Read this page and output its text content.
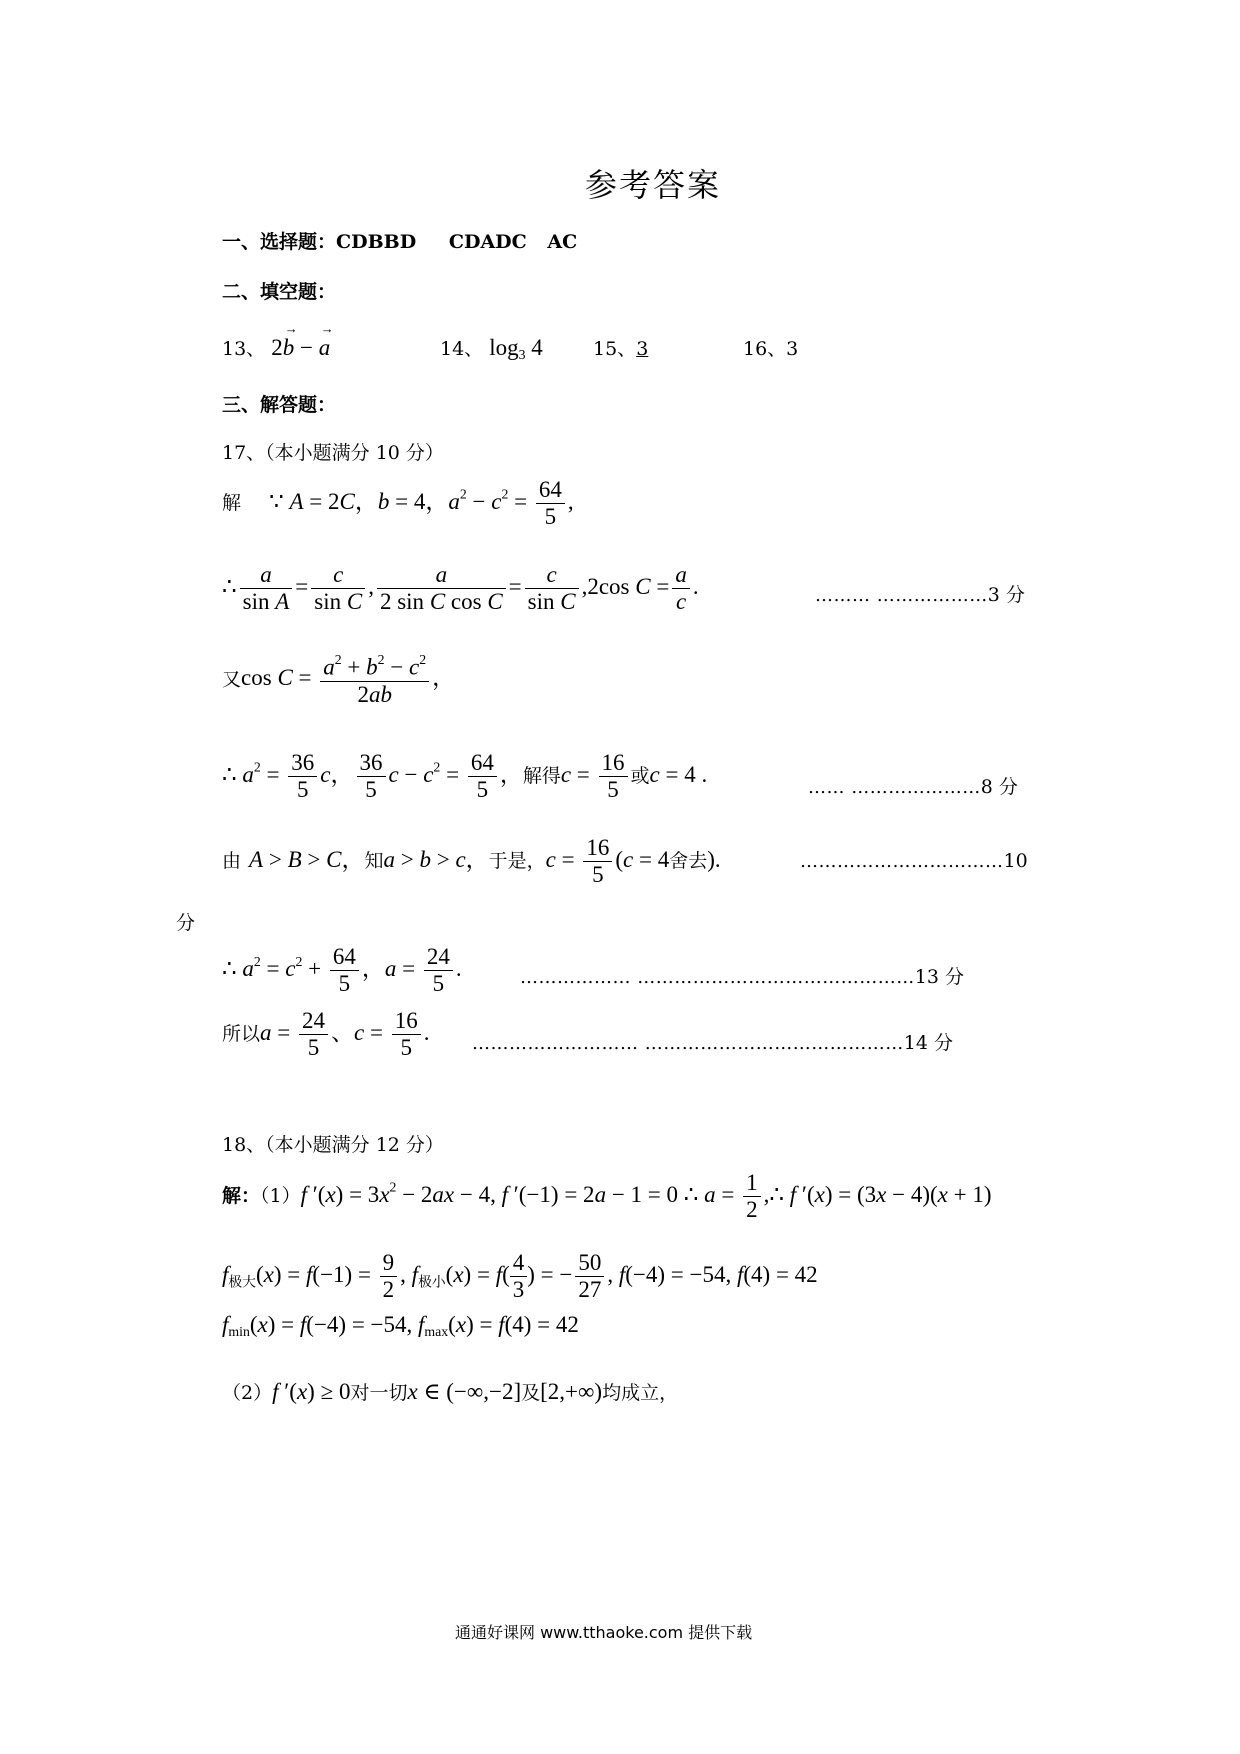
参考答案
一、选择题：CDBBD CDADC AC
二、填空题：
13、 2→ b − → a	14、 $\log_3 4$	15、3	16、3
三、解答题：
17、（本小题满分 10 分）
解 ∵ A = 2C，b = 4，$a^2 - c^2 = \frac{64}{5}$ ,
∴ $\frac{a}{\text{sin A}} = \frac{c}{\text{sin C}}$ , $\frac{a}{\text{2 sin C cos C}} = \frac{c}{\text{sin C}} ,2\cos$ $C = \frac{a}{c}$ .	……… ………………3 分
又$\cos C = \frac{a^2 + b^2 - c^2}{2ab}$ ，
∴ $a^2 = \frac{36}{5}$ c， $\frac{36}{5}$ $c - c^2 = \frac{64}{5}$ ，解得$c = \frac{16}{5}$ 或c = 4 .
…… …………………8 分
由 A > B > C，知a > b > c，于是，$c = \frac{16}{5} (c = 4$舍去).	……………………………10
分
∴ $a^2 = c^2 + \frac{64}{5}$ ，$a = \frac{24}{5}$ .	……………… ………………………………………13 分
所以$a = \frac{24}{5}$ 、$c = \frac{16}{5}$ . ……………………… ……………………………………14 分
18、（本小题满分 12 分）
解：（1）f $'(x) = 3x^2 - 2ax - 4$, f ′(−1) = 2a − 1 = 0 ∴ $a = \frac{1}{2}$ ,∴ f ′(x) = (3x − 4)(x + 1)
$f_{极大}(x) = f(-1) = \frac{9}{2}$ , $f_{极小}(x) = f( \frac{4}{3}$ ) = − $\frac{50}{27}$ , f(−4) = −54, f(4) = 42
$f_{min}(x) = f(-4) = -54$, $f_{max}(x) = f(4) = 42$
（2）f ′(x) ≥ 0对一切x ∈ (−∞,−2]及[2,+∞)均成立，
通通好课网 www.tthaoke.com 提供下载
